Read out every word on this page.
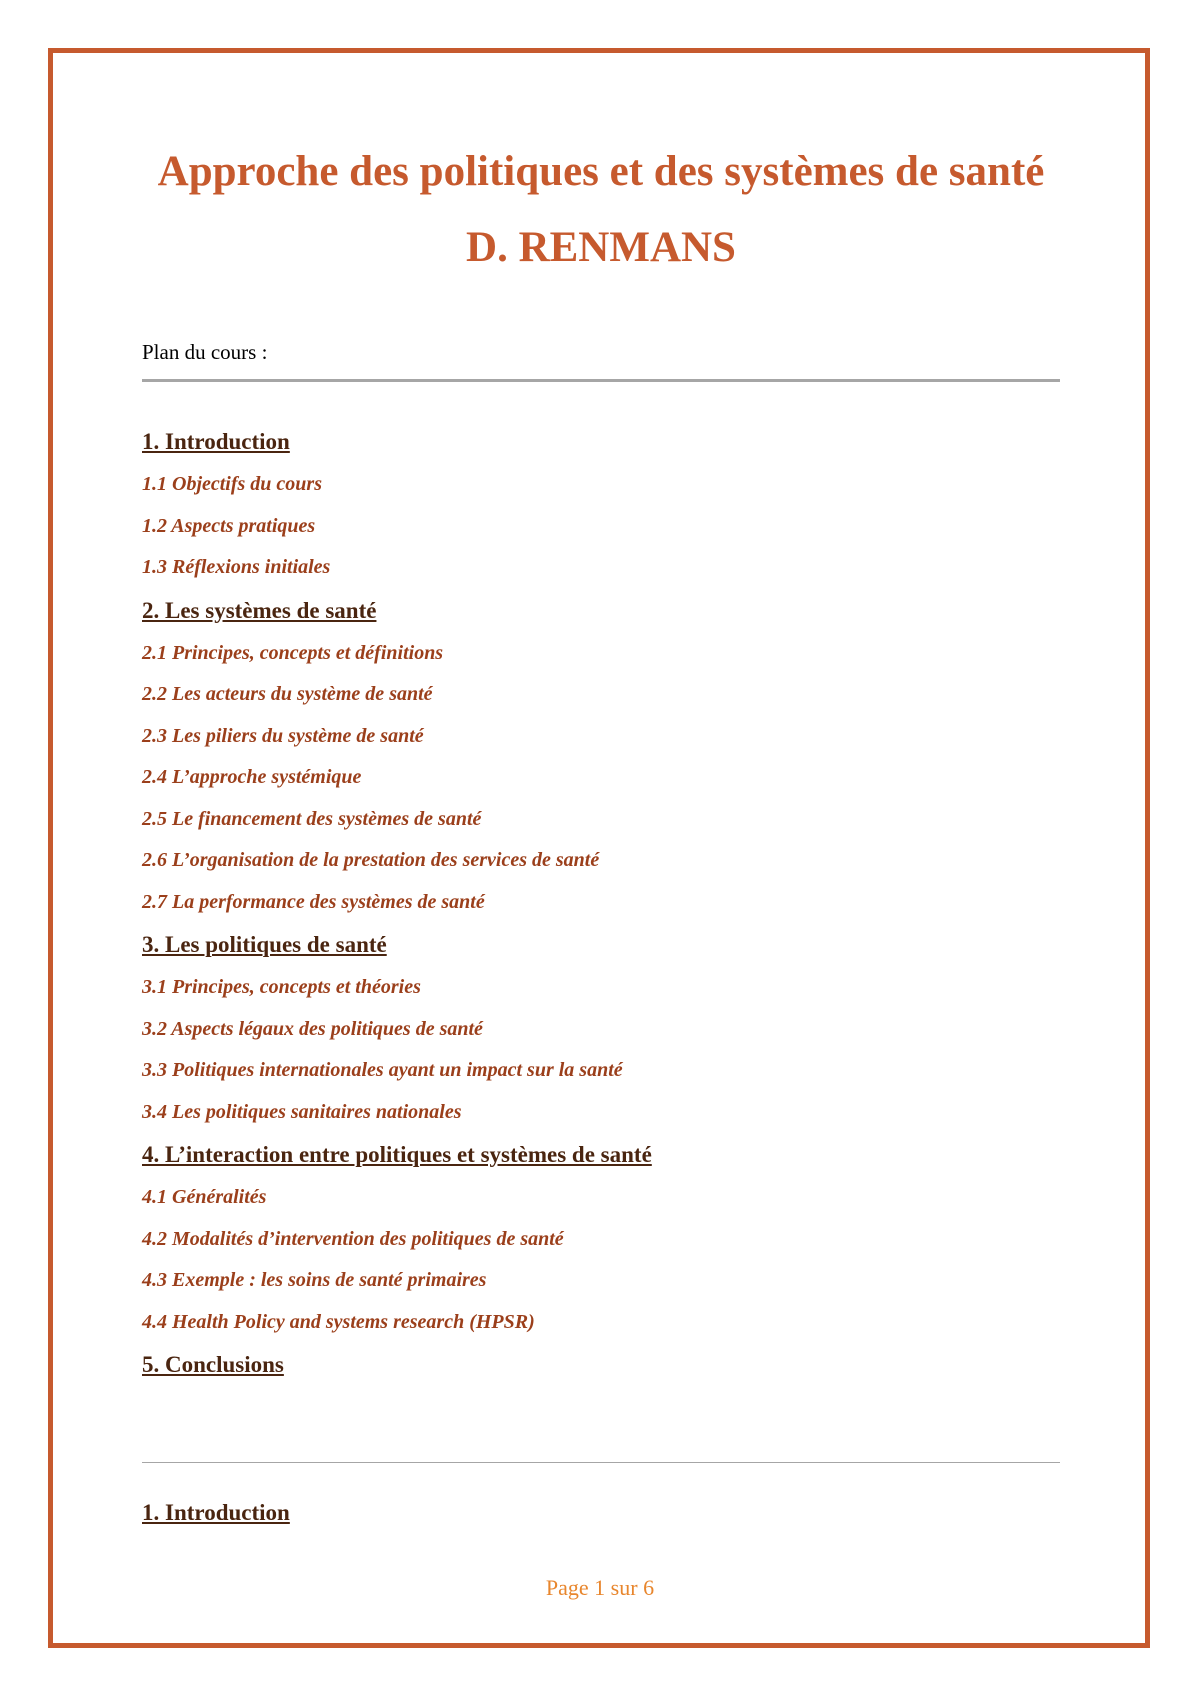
Approche des politiques et des systèmes de santé
D. RENMANS
Plan du cours :
1. Introduction
1.1 Objectifs du cours
1.2 Aspects pratiques
1.3 Réflexions initiales
2. Les systèmes de santé
2.1 Principes, concepts et définitions
2.2 Les acteurs du système de santé
2.3 Les piliers du système de santé
2.4 L’approche systémique
2.5 Le financement des systèmes de santé
2.6 L’organisation de la prestation des services de santé
2.7 La performance des systèmes de santé
3. Les politiques de santé
3.1 Principes, concepts et théories
3.2 Aspects légaux des politiques de santé
3.3 Politiques internationales ayant un impact sur la santé
3.4 Les politiques sanitaires nationales
4. L’interaction entre politiques et systèmes de santé
4.1 Généralités
4.2 Modalités d’intervention des politiques de santé
4.3 Exemple : les soins de santé primaires
4.4 Health Policy and systems research (HPSR)
5. Conclusions
1. Introduction
Page 1 sur 6
